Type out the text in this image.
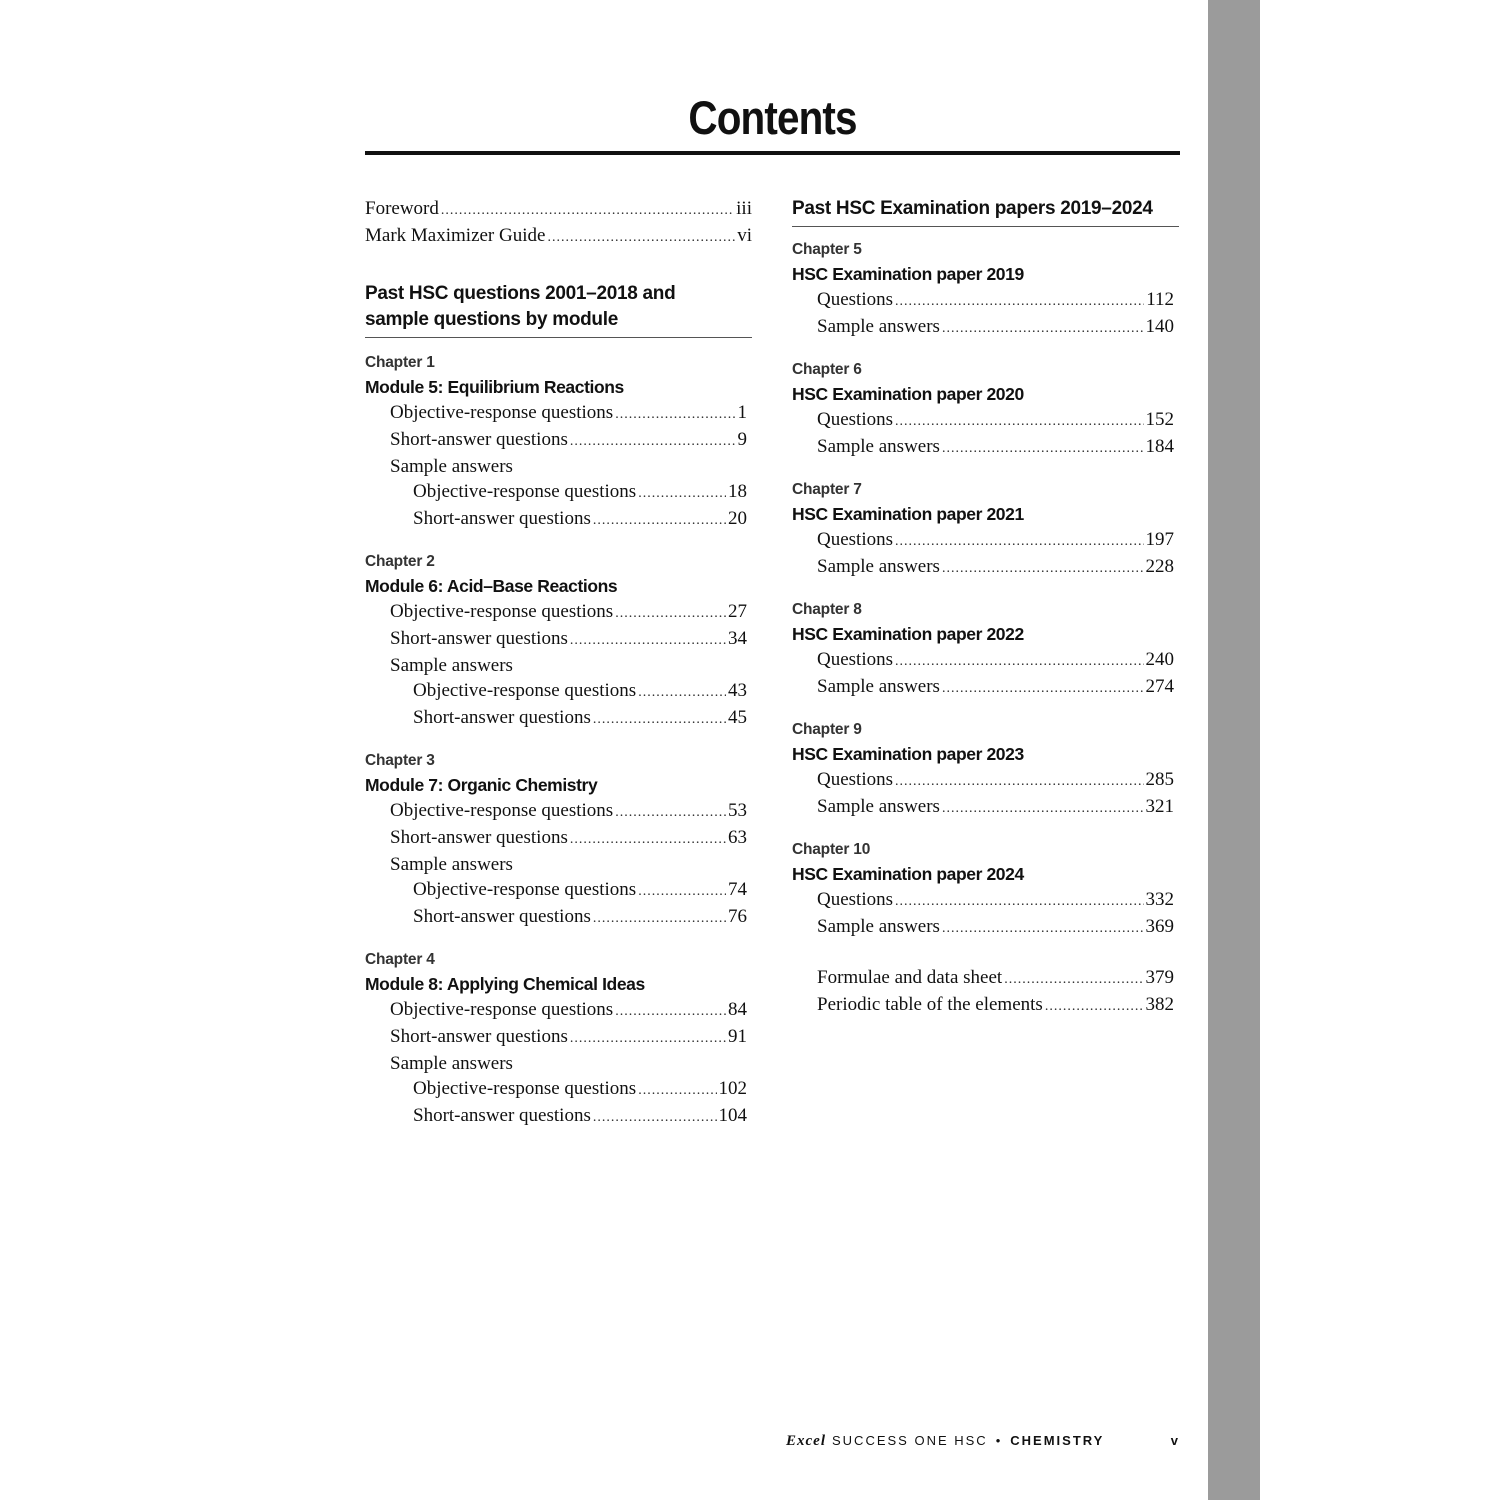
Contents
Foreword .....	iii
Mark Maximizer Guide .....	vi
Past HSC questions 2001–2018 and
sample questions by module
Chapter 1
Module 5: Equilibrium Reactions
Objective-response questions .....	1
Short-answer questions .....	9
Sample answers
Objective-response questions .....	18
Short-answer questions .....	20
Chapter 2
Module 6: Acid–Base Reactions
Objective-response questions .....	27
Short-answer questions .....	34
Sample answers
Objective-response questions .....	43
Short-answer questions .....	45
Chapter 3
Module 7: Organic Chemistry
Objective-response questions .....	53
Short-answer questions .....	63
Sample answers
Objective-response questions .....	74
Short-answer questions .....	76
Chapter 4
Module 8: Applying Chemical Ideas
Objective-response questions .....	84
Short-answer questions .....	91
Sample answers
Objective-response questions .....	102
Short-answer questions .....	104
Past HSC Examination papers 2019–2024
Chapter 5
HSC Examination paper 2019
Questions .....	112
Sample answers .....	140
Chapter 6
HSC Examination paper 2020
Questions .....	152
Sample answers .....	184
Chapter 7
HSC Examination paper 2021
Questions .....	197
Sample answers .....	228
Chapter 8
HSC Examination paper 2022
Questions .....	240
Sample answers .....	274
Chapter 9
HSC Examination paper 2023
Questions .....	285
Sample answers .....	321
Chapter 10
HSC Examination paper 2024
Questions .....	332
Sample answers .....	369
Formulae and data sheet .....	379
Periodic table of the elements .....	382
Excel SUCCESS ONE HSC • CHEMISTRY	v
